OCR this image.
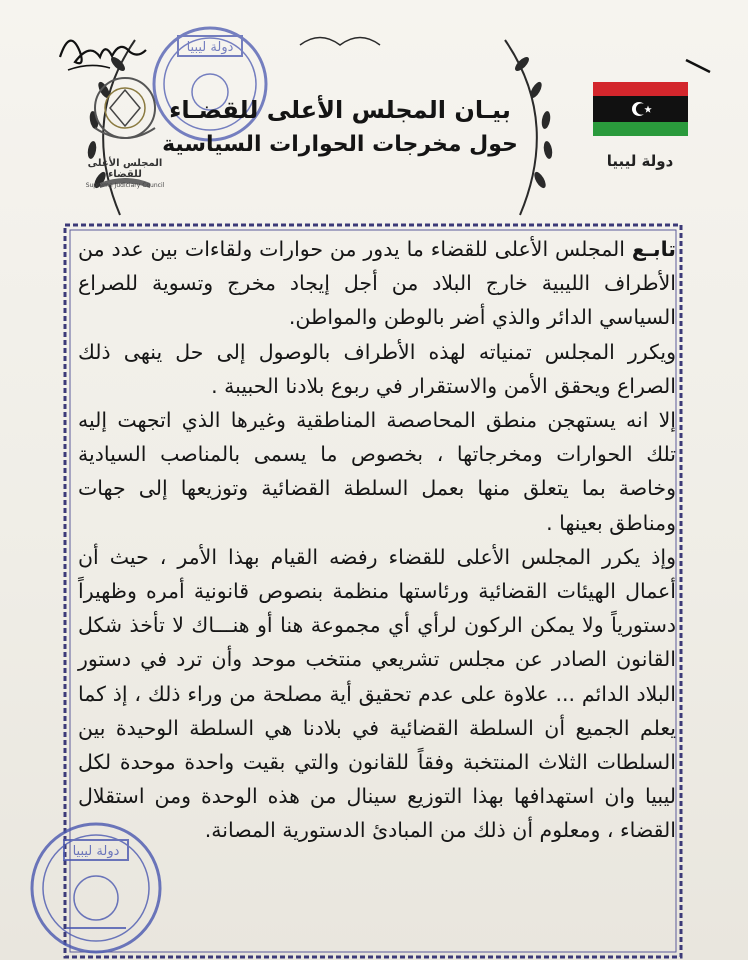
المجلس الأعلى للقضاء
Supreme Judiciary Council
دولة ليبيا
بيـان المجلس الأعلى للقضـاء
حول مخرجات الحوارات السياسية
دولة ليبيا

تابـع المجلس الأعلى للقضاء ما يدور من حوارات ولقاءات بين عدد من الأطراف الليبية خارج البلاد من أجل إيجاد مخرج وتسوية للصراع السياسي الدائر والذي أضر بالوطن والمواطن.

ويكرر المجلس تمنياته لهذه الأطراف بالوصول إلى حل ينهى ذلك الصراع ويحقق الأمن والاستقرار في ربوع بلادنا الحبيبة .

إلا انه يستهجن منطق المحاصصة المناطقية وغيرها الذي اتجهت إليه تلك الحوارات ومخرجاتها ، بخصوص ما يسمى بالمناصب السيادية وخاصة بما يتعلق منها بعمل السلطة القضائية وتوزيعها إلى جهات ومناطق بعينها .

وإذ يكرر المجلس الأعلى للقضاء رفضه القيام بهذا الأمر ، حيث أن أعمال الهيئات القضائية ورئاستها منظمة بنصوص قانونية أمره وظهيراً دستورياً ولا يمكن الركون لرأي أي مجموعة هنا أو هنـــاك لا تأخذ شكل القانون الصادر عن مجلس تشريعي منتخب موحد وأن ترد في دستور البلاد الدائم ... علاوة على عدم تحقيق أية مصلحة من وراء ذلك ، إذ كما يعلم الجميع أن السلطة القضائية في بلادنا هي السلطة الوحيدة بين السلطات الثلاث المنتخبة وفقاً للقانون والتي بقيت واحدة موحدة لكل ليبيا وان استهدافها بهذا التوزيع سينال من هذه الوحدة ومن استقلال القضاء ، ومعلوم أن ذلك من المبادئ الدستورية المصانة.

دولة ليبيا
